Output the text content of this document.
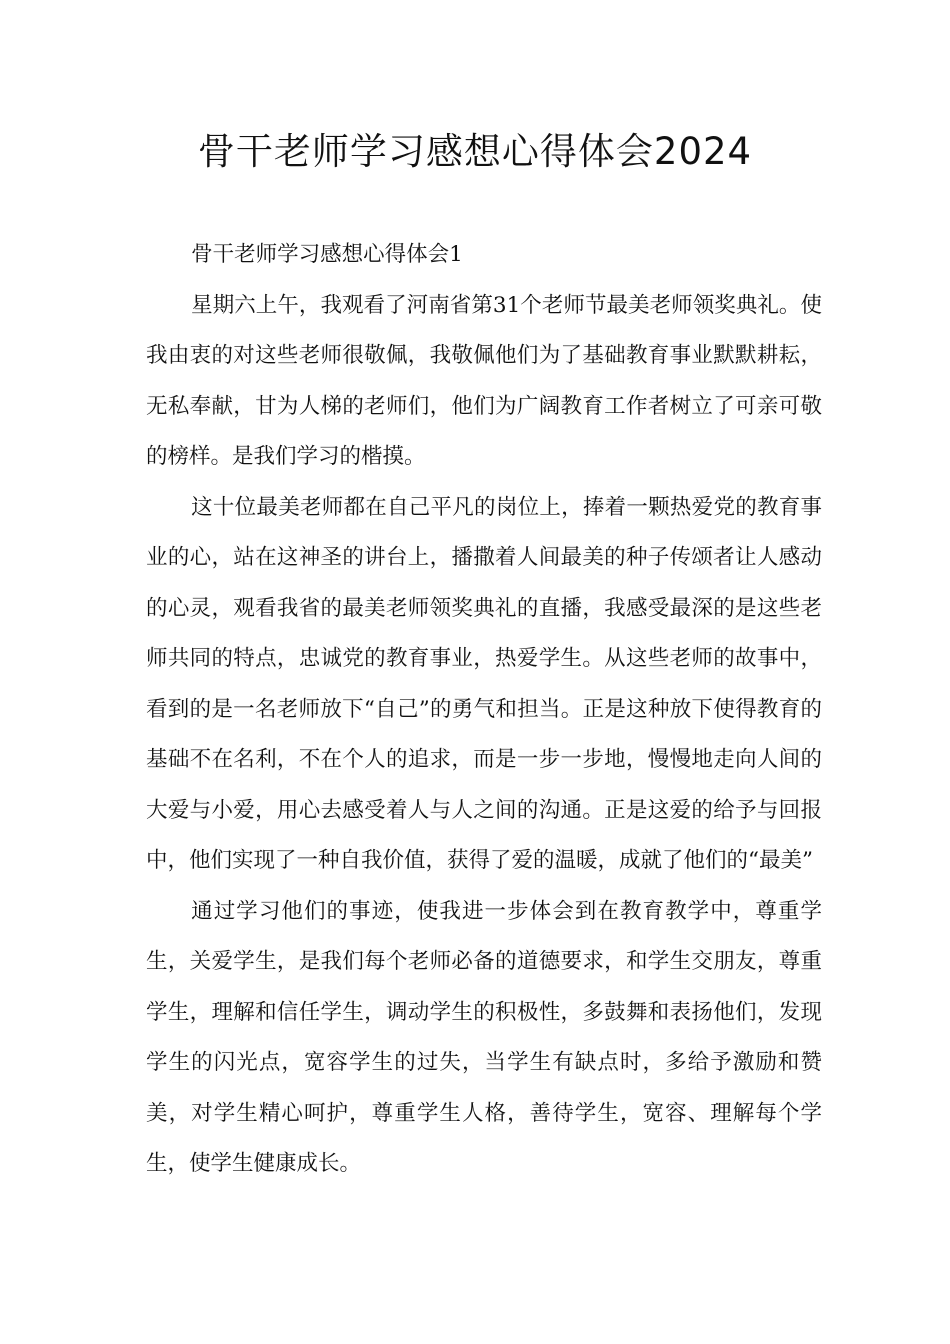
骨干老师学习感想心得体会2024

骨干老师学习感想心得体会1

星期六上午，我观看了河南省第31个老师节最美老师领奖典礼。使我由衷的对这些老师很敬佩，我敬佩他们为了基础教育事业默默耕耘，无私奉献，甘为人梯的老师们，他们为广阔教育工作者树立了可亲可敬的榜样。是我们学习的楷摸。

这十位最美老师都在自己平凡的岗位上，捧着一颗热爱党的教育事业的心，站在这神圣的讲台上，播撒着人间最美的种子传颂者让人感动的心灵，观看我省的最美老师领奖典礼的直播，我感受最深的是这些老师共同的特点，忠诚党的教育事业，热爱学生。从这些老师的故事中，看到的是一名老师放下“自己”的勇气和担当。正是这种放下使得教育的基础不在名利，不在个人的追求，而是一步一步地，慢慢地走向人间的大爱与小爱，用心去感受着人与人之间的沟通。正是这爱的给予与回报中，他们实现了一种自我价值，获得了爱的温暖，成就了他们的“最美”

通过学习他们的事迹，使我进一步体会到在教育教学中，尊重学生，关爱学生，是我们每个老师必备的道德要求，和学生交朋友，尊重学生，理解和信任学生，调动学生的积极性，多鼓舞和表扬他们，发现学生的闪光点，宽容学生的过失，当学生有缺点时，多给予激励和赞美，对学生精心呵护，尊重学生人格，善待学生，宽容、理解每个学生，使学生健康成长。
